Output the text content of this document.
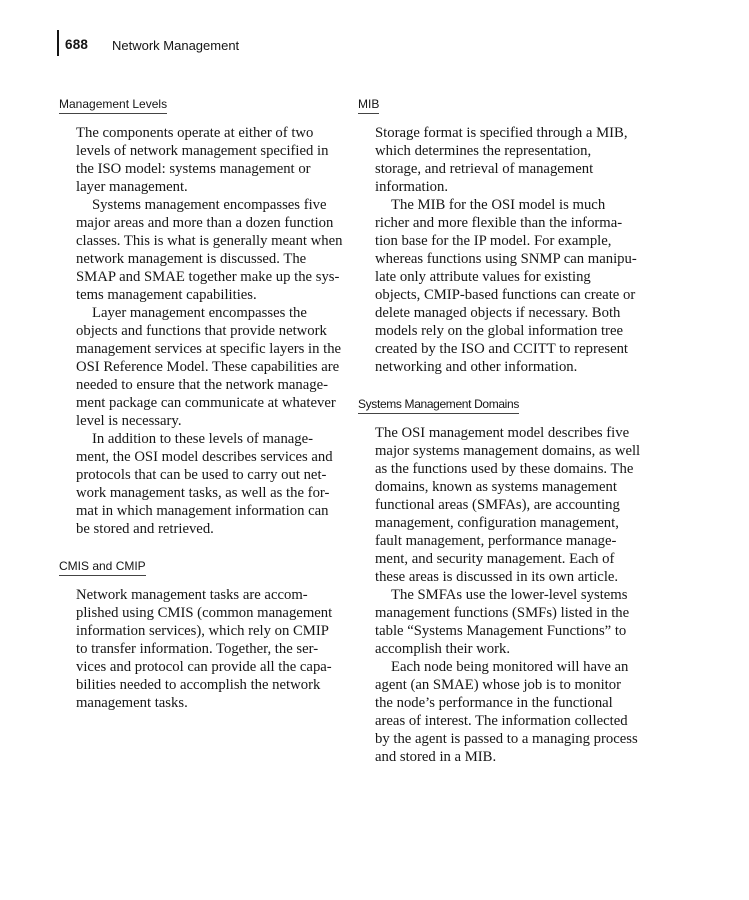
688 Network Management
Management Levels
The components operate at either of two
levels of network management specified in
the ISO model: systems management or
layer management.
Systems management encompasses five
major areas and more than a dozen function
classes. This is what is generally meant when
network management is discussed. The
SMAP and SMAE together make up the sys-
tems management capabilities.
Layer management encompasses the
objects and functions that provide network
management services at specific layers in the
OSI Reference Model. These capabilities are
needed to ensure that the network manage-
ment package can communicate at whatever
level is necessary.
In addition to these levels of manage-
ment, the OSI model describes services and
protocols that can be used to carry out net-
work management tasks, as well as the for-
mat in which management information can
be stored and retrieved.
CMIS and CMIP
Network management tasks are accom-
plished using CMIS (common management
information services), which rely on CMIP
to transfer information. Together, the ser-
vices and protocol can provide all the capa-
bilities needed to accomplish the network
management tasks.
MIB
Storage format is specified through a MIB,
which determines the representation,
storage, and retrieval of management
information.
The MIB for the OSI model is much
richer and more flexible than the informa-
tion base for the IP model. For example,
whereas functions using SNMP can manipu-
late only attribute values for existing
objects, CMIP-based functions can create or
delete managed objects if necessary. Both
models rely on the global information tree
created by the ISO and CCITT to represent
networking and other information.
Systems Management Domains
The OSI management model describes five
major systems management domains, as well
as the functions used by these domains. The
domains, known as systems management
functional areas (SMFAs), are accounting
management, configuration management,
fault management, performance manage-
ment, and security management. Each of
these areas is discussed in its own article.
The SMFAs use the lower-level systems
management functions (SMFs) listed in the
table “Systems Management Functions” to
accomplish their work.
Each node being monitored will have an
agent (an SMAE) whose job is to monitor
the node’s performance in the functional
areas of interest. The information collected
by the agent is passed to a managing process
and stored in a MIB.
